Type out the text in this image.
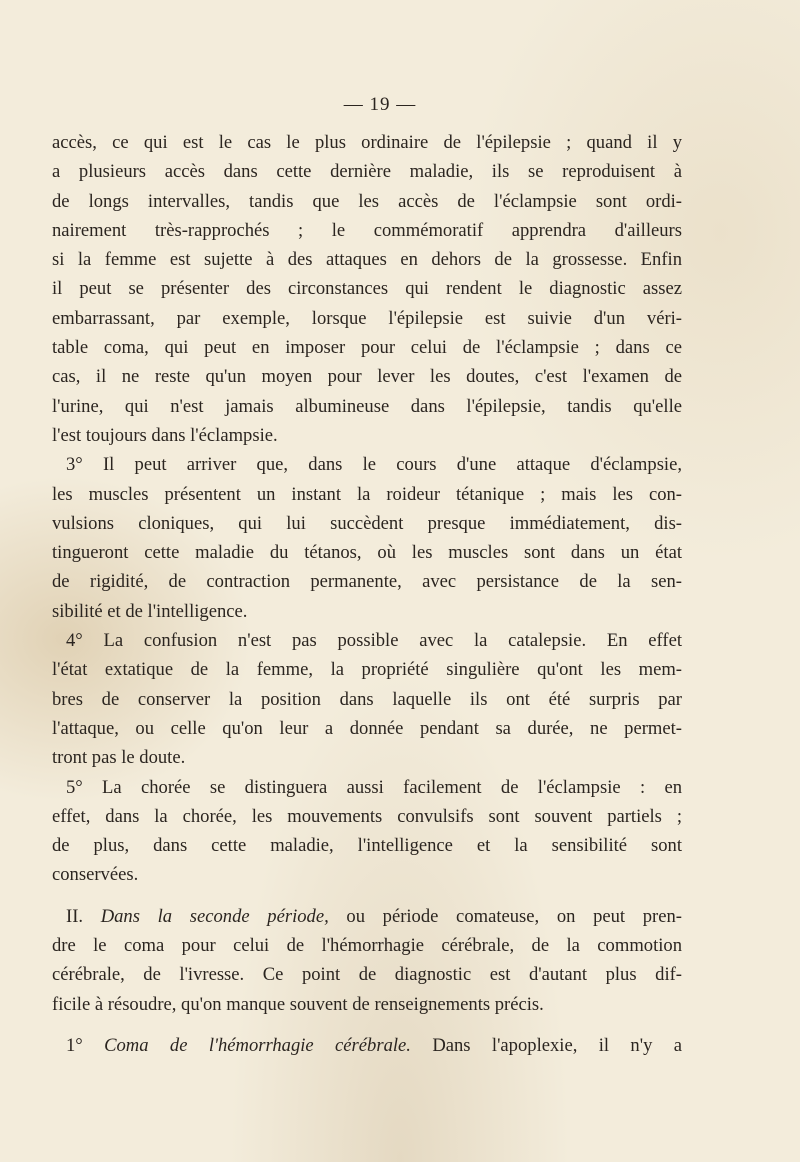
— 19 —
accès, ce qui est le cas le plus ordinaire de l'épilepsie ; quand il y
a plusieurs accès dans cette dernière maladie, ils se reproduisent à
de longs intervalles, tandis que les accès de l'éclampsie sont ordi-
nairement très-rapprochés ; le commémoratif apprendra d'ailleurs
si la femme est sujette à des attaques en dehors de la grossesse. Enfin
il peut se présenter des circonstances qui rendent le diagnostic assez
embarrassant, par exemple, lorsque l'épilepsie est suivie d'un véri-
table coma, qui peut en imposer pour celui de l'éclampsie ; dans ce
cas, il ne reste qu'un moyen pour lever les doutes, c'est l'examen de
l'urine, qui n'est jamais albumineuse dans l'épilepsie, tandis qu'elle
l'est toujours dans l'éclampsie.
3° Il peut arriver que, dans le cours d'une attaque d'éclampsie,
les muscles présentent un instant la roideur tétanique ; mais les con-
vulsions cloniques, qui lui succèdent presque immédiatement, dis-
tingueront cette maladie du tétanos, où les muscles sont dans un état
de rigidité, de contraction permanente, avec persistance de la sen-
sibilité et de l'intelligence.
4° La confusion n'est pas possible avec la catalepsie. En effet
l'état extatique de la femme, la propriété singulière qu'ont les mem-
bres de conserver la position dans laquelle ils ont été surpris par
l'attaque, ou celle qu'on leur a donnée pendant sa durée, ne permet-
tront pas le doute.
5° La chorée se distinguera aussi facilement de l'éclampsie : en
effet, dans la chorée, les mouvements convulsifs sont souvent partiels ;
de plus, dans cette maladie, l'intelligence et la sensibilité sont
conservées.
II. Dans la seconde période, ou période comateuse, on peut pren-
dre le coma pour celui de l'hémorrhagie cérébrale, de la commotion
cérébrale, de l'ivresse. Ce point de diagnostic est d'autant plus dif-
ficile à résoudre, qu'on manque souvent de renseignements précis.
1° Coma de l'hémorrhagie cérébrale. Dans l'apoplexie, il n'y a
